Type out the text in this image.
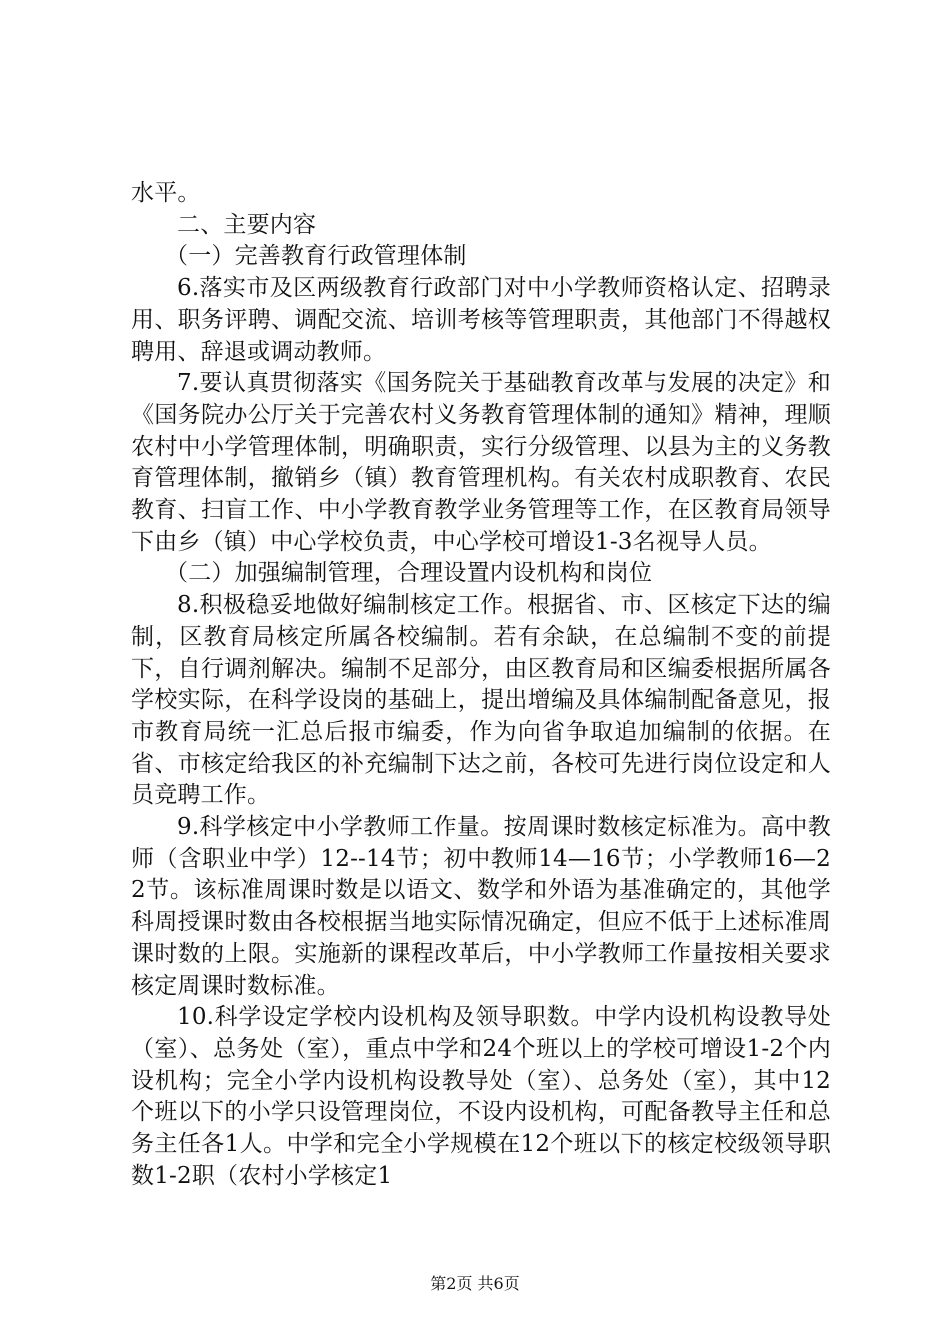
水平。

二、主要内容

（一）完善教育行政管理体制

6.落实市及区两级教育行政部门对中小学教师资格认定、招聘录用、职务评聘、调配交流、培训考核等管理职责，其他部门不得越权聘用、辞退或调动教师。

7.要认真贯彻落实《国务院关于基础教育改革与发展的决定》和《国务院办公厅关于完善农村义务教育管理体制的通知》精神，理顺农村中小学管理体制，明确职责，实行分级管理、以县为主的义务教育管理体制，撤销乡（镇）教育管理机构。有关农村成职教育、农民教育、扫盲工作、中小学教育教学业务管理等工作，在区教育局领导下由乡（镇）中心学校负责，中心学校可增设1-3名视导人员。

（二）加强编制管理，合理设置内设机构和岗位

8.积极稳妥地做好编制核定工作。根据省、市、区核定下达的编制，区教育局核定所属各校编制。若有余缺，在总编制不变的前提下，自行调剂解决。编制不足部分，由区教育局和区编委根据所属各学校实际，在科学设岗的基础上，提出增编及具体编制配备意见，报市教育局统一汇总后报市编委，作为向省争取追加编制的依据。在省、市核定给我区的补充编制下达之前，各校可先进行岗位设定和人员竞聘工作。

9.科学核定中小学教师工作量。按周课时数核定标准为。高中教师（含职业中学）12--14节；初中教师14—16节；小学教师16—22节。该标准周课时数是以语文、数学和外语为基准确定的，其他学科周授课时数由各校根据当地实际情况确定，但应不低于上述标准周课时数的上限。实施新的课程改革后，中小学教师工作量按相关要求核定周课时数标准。

10.科学设定学校内设机构及领导职数。中学内设机构设教导处（室）、总务处（室），重点中学和24个班以上的学校可增设1-2个内设机构；完全小学内设机构设教导处（室）、总务处（室），其中12个班以下的小学只设管理岗位，不设内设机构，可配备教导主任和总务主任各1人。中学和完全小学规模在12个班以下的核定校级领导职数1-2职（农村小学核定1

第2页 共6页
